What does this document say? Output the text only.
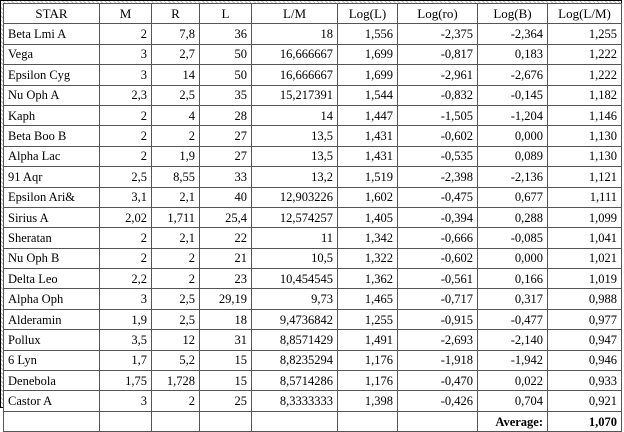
STAR	M	R	L	L/M	Log(L)	Log(ro)	Log(B)	Log(L/M)
Beta Lmi A	2	7,8	36	18	1,556	-2,375	-2,364	1,255
Vega	3	2,7	50	16,666667	1,699	-0,817	0,183	1,222
Epsilon Cyg	3	14	50	16,666667	1,699	-2,961	-2,676	1,222
Nu Oph A	2,3	2,5	35	15,217391	1,544	-0,832	-0,145	1,182
Kaph	2	4	28	14	1,447	-1,505	-1,204	1,146
Beta Boo B	2	2	27	13,5	1,431	-0,602	0,000	1,130
Alpha Lac	2	1,9	27	13,5	1,431	-0,535	0,089	1,130
91 Aqr	2,5	8,55	33	13,2	1,519	-2,398	-2,136	1,121
Epsilon Ari&	3,1	2,1	40	12,903226	1,602	-0,475	0,677	1,111
Sirius A	2,02	1,711	25,4	12,574257	1,405	-0,394	0,288	1,099
Sheratan	2	2,1	22	11	1,342	-0,666	-0,085	1,041
Nu Oph B	2	2	21	10,5	1,322	-0,602	0,000	1,021
Delta Leo	2,2	2	23	10,454545	1,362	-0,561	0,166	1,019
Alpha Oph	3	2,5	29,19	9,73	1,465	-0,717	0,317	0,988
Alderamin	1,9	2,5	18	9,4736842	1,255	-0,915	-0,477	0,977
Pollux	3,5	12	31	8,8571429	1,491	-2,693	-2,140	0,947
6 Lyn	1,7	5,2	15	8,8235294	1,176	-1,918	-1,942	0,946
Denebola	1,75	1,728	15	8,5714286	1,176	-0,470	0,022	0,933
Castor A	3	2	25	8,3333333	1,398	-0,426	0,704	0,921
							Average:	1,070
